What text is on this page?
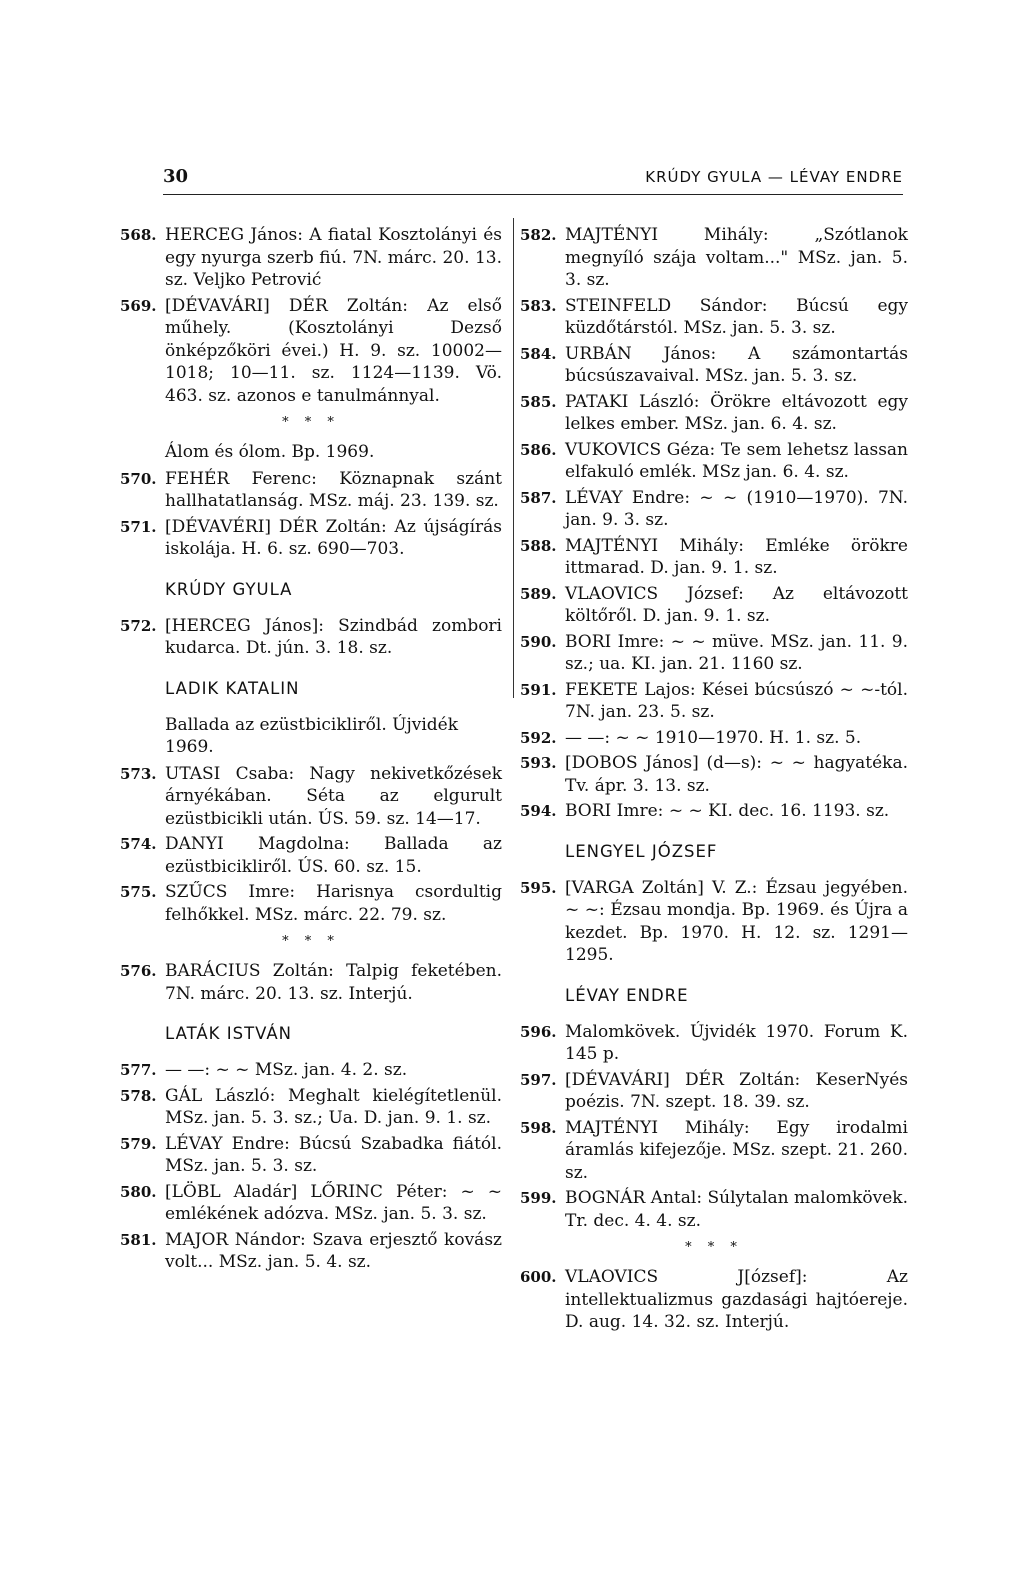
30	KRÚDY GYULA — LÉVAY ENDRE
568. HERCEG János: A fiatal Kosztolányi és egy nyurga szerb fiú. 7N. márc. 20. 13. sz. Veljko Petrović
569. [DÉVAVÁRI] DÉR Zoltán: Az első műhely. (Kosztolányi Dezső önképzőköri évei.) H. 9. sz. 10002—1018; 10—11. sz. 1124—1139. Vö. 463. sz. azonos e tanulmánnyal.
* * *
Álom és ólom. Bp. 1969.
570. FEHÉR Ferenc: Köznapnak szánt hallhatatlanság. MSz. máj. 23. 139. sz.
571. [DÉVAVÉRI] DÉR Zoltán: Az újságírás iskolája. H. 6. sz. 690—703.
KRÚDY GYULA
572. [HERCEG János]: Szindbád zombori kudarca. Dt. jún. 3. 18. sz.
LADIK KATALIN
Ballada az ezüstbicikliről. Újvidék 1969.
573. UTASI Csaba: Nagy nekivetkőzések árnyékában. Séta az elgurult ezüstbicikli után. ÚS. 59. sz. 14—17.
574. DANYI Magdolna: Ballada az ezüstbicikliről. ÚS. 60. sz. 15.
575. SZŰCS Imre: Harisnya csordultig felhőkkel. MSz. márc. 22. 79. sz.
* * *
576. BARÁCIUS Zoltán: Talpig feketében. 7N. márc. 20. 13. sz. Interjú.
LATÁK ISTVÁN
577. — —: ~ ~ MSz. jan. 4. 2. sz.
578. GÁL László: Meghalt kielégítetlenül. MSz. jan. 5. 3. sz.; Ua. D. jan. 9. 1. sz.
579. LÉVAY Endre: Búcsú Szabadka fiától. MSz. jan. 5. 3. sz.
580. [LÖBL Aladár] LŐRINC Péter: ~ ~ emlékének adózva. MSz. jan. 5. 3. sz.
581. MAJOR Nándor: Szava erjesztő kovász volt... MSz. jan. 5. 4. sz.
582. MAJTÉNYI Mihály: „Szótlanok megnyíló szája voltam..." MSz. jan. 5. 3. sz.
583. STEINFELD Sándor: Búcsú egy küzdőtárstól. MSz. jan. 5. 3. sz.
584. URBÁN János: A számontartás búcsúszavaival. MSz. jan. 5. 3. sz.
585. PATAKI László: Örökre eltávozott egy lelkes ember. MSz. jan. 6. 4. sz.
586. VUKOVICS Géza: Te sem lehetsz lassan elfakuló emlék. MSz jan. 6. 4. sz.
587. LÉVAY Endre: ~ ~ (1910—1970). 7N. jan. 9. 3. sz.
588. MAJTÉNYI Mihály: Emléke örökre ittmarad. D. jan. 9. 1. sz.
589. VLAOVICS József: Az eltávozott költőről. D. jan. 9. 1. sz.
590. BORI Imre: ~ ~ müve. MSz. jan. 11. 9. sz.; ua. KI. jan. 21. 1160 sz.
591. FEKETE Lajos: Kései búcsúszó ~ ~-tól. 7N. jan. 23. 5. sz.
592. — —: ~ ~ 1910—1970. H. 1. sz. 5.
593. [DOBOS János] (d—s): ~ ~ hagyatéka. Tv. ápr. 3. 13. sz.
594. BORI Imre: ~ ~ KI. dec. 16. 1193. sz.
LENGYEL JÓZSEF
595. [VARGA Zoltán] V. Z.: Ézsau jegyében. ~ ~: Ézsau mondja. Bp. 1969. és Újra a kezdet. Bp. 1970. H. 12. sz. 1291—1295.
LÉVAY ENDRE
596. Malomkövek. Újvidék 1970. Forum K. 145 p.
597. [DÉVAVÁRI] DÉR Zoltán: KeserNyés poézis. 7N. szept. 18. 39. sz.
598. MAJTÉNYI Mihály: Egy irodalmi áramlás kifejezője. MSz. szept. 21. 260. sz.
599. BOGNÁR Antal: Súlytalan malomkövek. Tr. dec. 4. 4. sz.
* * *
600. VLAOVICS J[ózsef]: Az intellektualizmus gazdasági hajtóereje. D. aug. 14. 32. sz. Interjú.
